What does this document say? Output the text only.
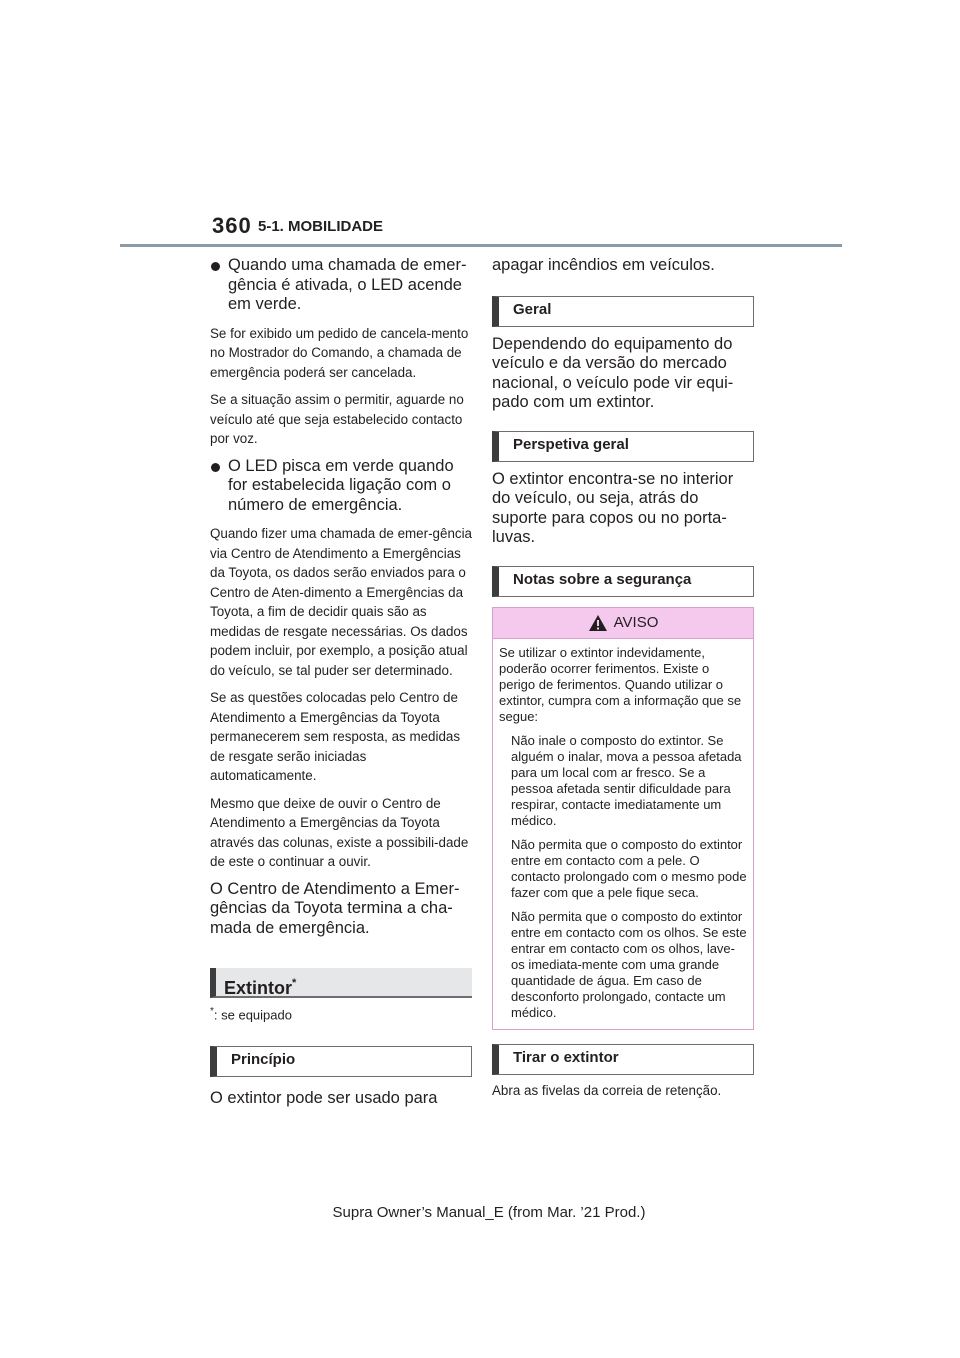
360 5-1. MOBILIDADE
Quando uma chamada de emer-gência é ativada, o LED acende em verde.

Se for exibido um pedido de cancela-mento no Mostrador do Comando, a chamada de emergência poderá ser cancelada.

Se a situação assim o permitir, aguarde no veículo até que seja estabelecido contacto por voz.

O LED pisca em verde quando for estabelecida ligação com o número de emergência.

Quando fizer uma chamada de emer-gência via Centro de Atendimento a Emergências da Toyota, os dados serão enviados para o Centro de Aten-dimento a Emergências da Toyota, a fim de decidir quais são as medidas de resgate necessárias. Os dados podem incluir, por exemplo, a posição atual do veículo, se tal puder ser determinado.

Se as questões colocadas pelo Centro de Atendimento a Emergências da Toyota permanecerem sem resposta, as medidas de resgate serão iniciadas automaticamente.

Mesmo que deixe de ouvir o Centro de Atendimento a Emergências da Toyota através das colunas, existe a possibili-dade de este o continuar a ouvir.

O Centro de Atendimento a Emer-gências da Toyota termina a cha-mada de emergência.

Extintor*

*: se equipado

Princípio

O extintor pode ser usado para

apagar incêndios em veículos.

Geral

Dependendo do equipamento do veículo e da versão do mercado nacional, o veículo pode vir equi-pado com um extintor.

Perspetiva geral

O extintor encontra-se no interior do veículo, ou seja, atrás do suporte para copos ou no porta-luvas.

Notas sobre a segurança
AVISO

Se utilizar o extintor indevidamente, poderão ocorrer ferimentos. Existe o perigo de ferimentos. Quando utilizar o extintor, cumpra com a informação que se segue:

Não inale o composto do extintor. Se alguém o inalar, mova a pessoa afetada para um local com ar fresco. Se a pessoa afetada sentir dificuldade para respirar, contacte imediatamente um médico.

Não permita que o composto do extintor entre em contacto com a pele. O contacto prolongado com o mesmo pode fazer com que a pele fique seca.

Não permita que o composto do extintor entre em contacto com os olhos. Se este entrar em contacto com os olhos, lave-os imediata-mente com uma grande quantidade de água. Em caso de desconforto prolongado, contacte um médico.

Tirar o extintor

Abra as fivelas da correia de retenção.

Supra Owner’s Manual_E (from Mar. ’21 Prod.)
